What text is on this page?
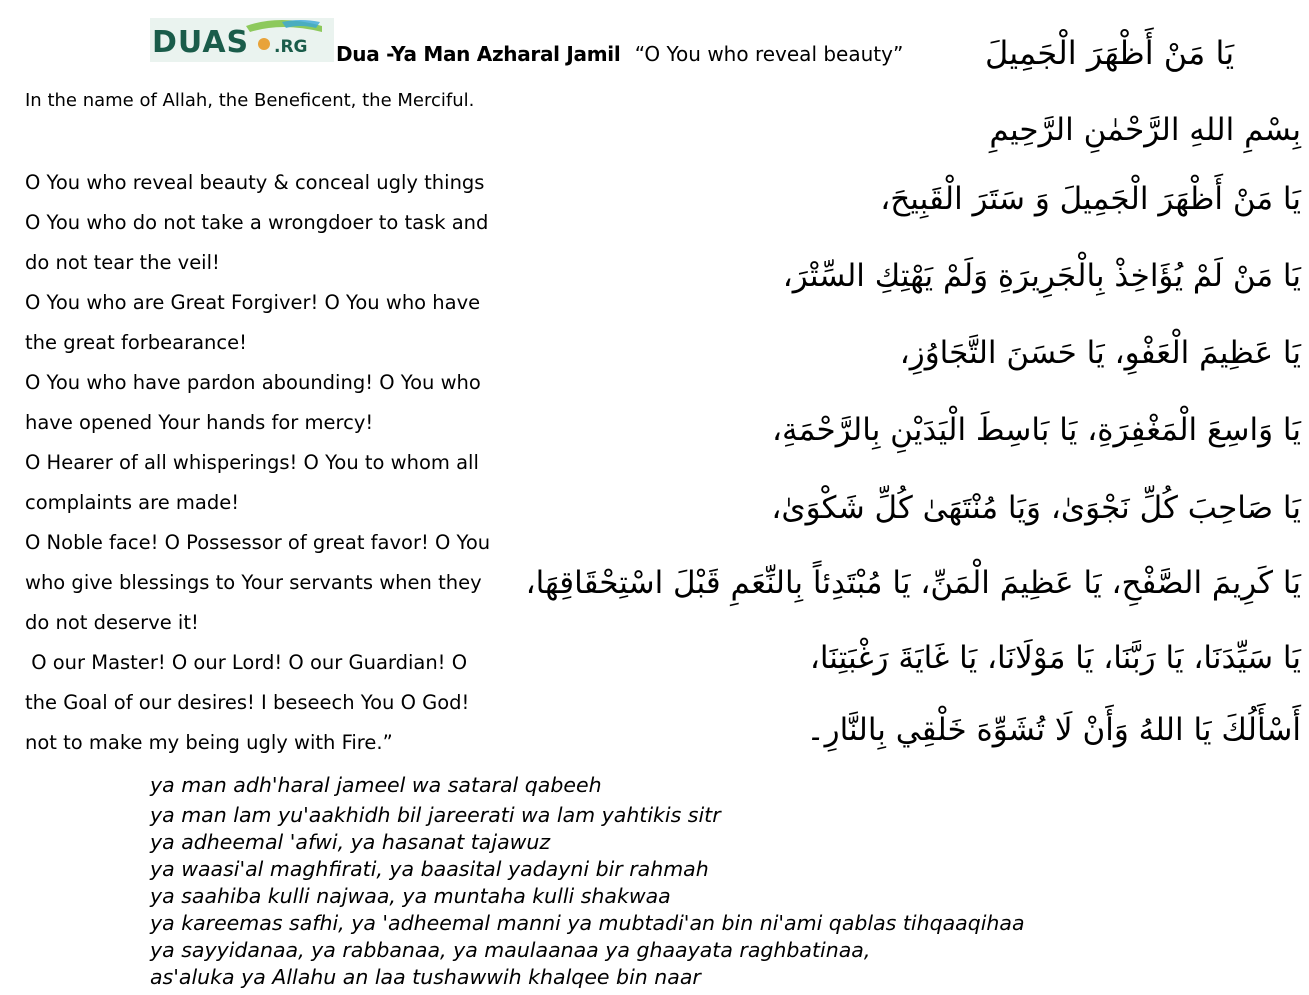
DUAS .RG Dua -Ya Man Azharal Jamil “O You who reveal beauty”	يَا مَنْ أَظْهَرَ الْجَمِيلَ
In the name of Allah, the Beneficent, the Merciful.
بِسْمِ اللهِ الرَّحْمٰنِ الرَّحِيمِ
يَا مَنْ أَظْهَرَ الْجَمِيلَ وَ سَتَرَ الْقَبِيحَ،
يَا مَنْ لَمْ يُؤَاخِذْ بِالْجَرِيرَةِ وَلَمْ يَهْتِكِ السِّتْرَ،
يَا عَظِيمَ الْعَفْوِ، يَا حَسَنَ التَّجَاوُزِ،
يَا وَاسِعَ الْمَغْفِرَةِ، يَا بَاسِطَ الْيَدَيْنِ بِالرَّحْمَةِ،
يَا صَاحِبَ كُلِّ نَجْوَىٰ، وَيَا مُنْتَهَىٰ كُلِّ شَكْوَىٰ،
يَا كَرِيمَ الصَّفْحِ، يَا عَظِيمَ الْمَنِّ، يَا مُبْتَدِئاً بِالنِّعَمِ قَبْلَ اسْتِحْقَاقِهَا،
يَا سَيِّدَنَا، يَا رَبَّنَا، يَا مَوْلَانَا، يَا غَايَةَ رَغْبَتِنَا،
أَسْأَلُكَ يَا اللهُ وَأَنْ لَا تُشَوِّهَ خَلْقِي بِالنَّارِ۔
O You who reveal beauty & conceal ugly things
O You who do not take a wrongdoer to task and
do not tear the veil!
O You who are Great Forgiver! O You who have
the great forbearance!
O You who have pardon abounding! O You who
have opened Your hands for mercy!
O Hearer of all whisperings! O You to whom all
complaints are made!
O Noble face! O Possessor of great favor! O You
who give blessings to Your servants when they
do not deserve it!
O our Master! O our Lord! O our Guardian! O
the Goal of our desires! I beseech You O God!
not to make my being ugly with Fire.”
ya man adh'haral jameel wa sataral qabeeh
ya man lam yu'aakhidh bil jareerati wa lam yahtikis sitr
ya adheemal 'afwi, ya hasanat tajawuz
ya waasi'al maghfirati, ya baasital yadayni bir rahmah
ya saahiba kulli najwaa, ya muntaha kulli shakwaa
ya kareemas safhi, ya 'adheemal manni ya mubtadi'an bin ni'ami qablas tihqaaqihaa
ya sayyidanaa, ya rabbanaa, ya maulaanaa ya ghaayata raghbatinaa,
as'aluka ya Allahu an laa tushawwih khalqee bin naar
